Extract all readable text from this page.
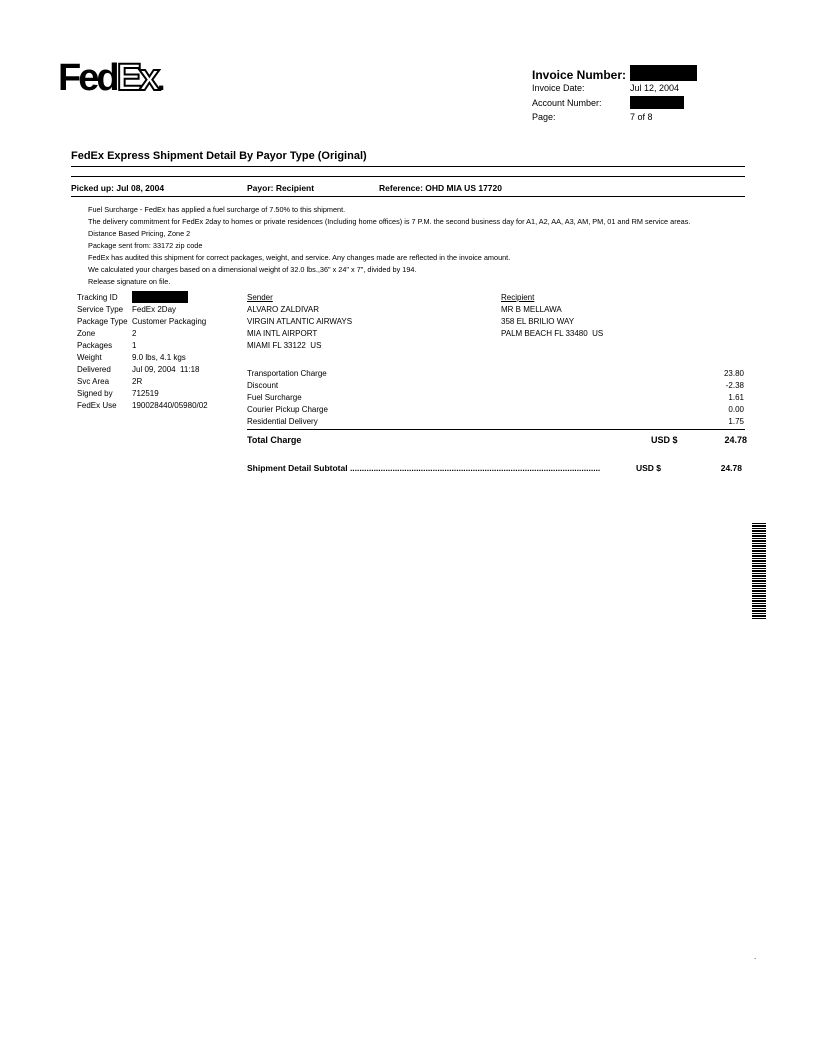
FedEx.	Invoice Number:
Invoice Date:	Jul 12, 2004
Account Number:
Page:	7 of 8
FedEx Express Shipment Detail By Payor Type (Original)
Picked up: Jul 08, 2004	Payor: Recipient	Reference: OHD MIA US 17720
Fuel Surcharge - FedEx has applied a fuel surcharge of 7.50% to this shipment.
The delivery commitment for FedEx 2day to homes or private residences (Including home offices) is 7 P.M. the second business day for A1, A2, AA, A3, AM, PM, 01 and RM service areas.
Distance Based Pricing, Zone 2
Package sent from: 33172 zip code
FedEx has audited this shipment for correct packages, weight, and service. Any changes made are reflected in the invoice amount.
We calculated your charges based on a dimensional weight of 32.0 lbs.,36" x 24" x 7", divided by 194.
Release signature on file.
Tracking ID
Service Type FedEx 2Day
Package Type Customer Packaging
Zone	2
Packages 1
Weight	9.0 lbs, 4.1 kgs
Delivered	Jul 09, 2004  11:18
Svc Area	2R
Signed by 712519
FedEx Use 190028440/05980/02
Sender
ALVARO ZALDIVAR
VIRGIN ATLANTIC AIRWAYS
MIA INTL AIRPORT
MIAMI FL 33122  US
Recipient
MR B MELLAWA
358 EL BRILIO WAY
PALM BEACH FL 33480  US
Transportation Charge	23.80
Discount	-2.38
Fuel Surcharge	1.61
Courier Pickup Charge	0.00
Residential Delivery	1.75
Total Charge	USD $	24.78
Shipment Detail Subtotal ..........................................................................................................	USD $	24.78
.
